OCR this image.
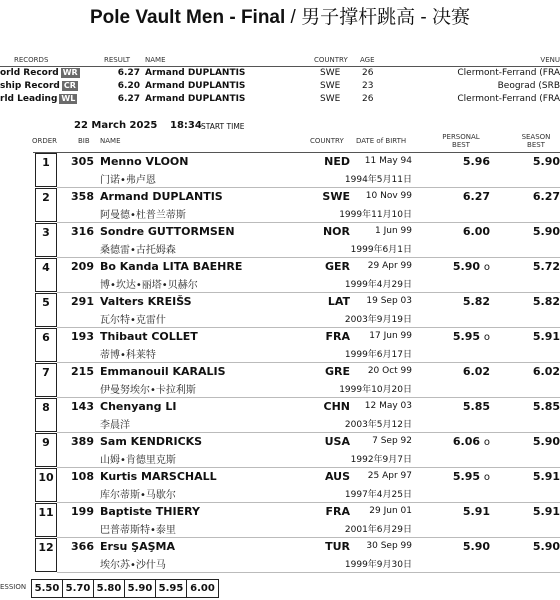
Pole Vault Men - Final / 男子撑杆跳高 - 决赛
RECORDS	RESULT NAME	COUNTRY AGE	VENU
orld Record WR	6.27 Armand DUPLANTIS	SWE 26	Clermont-Ferrand (FRA
ship Record CR	6.20 Armand DUPLANTIS	SWE 23	Beograd (SRB
rld Leading WL	6.27 Armand DUPLANTIS	SWE 26	Clermont-Ferrand (FRA
22 March 2025 18:34 START TIME
ORDER	BIB NAME	COUNTRY DATE of BIRTH	PERSONAL
BEST
SEASON
BEST
1	305 Menno VLOON
门诺•弗卢恩
NED	11 May 94
1994年5月11日
5.96	5.90
2	358 Armand DUPLANTIS
阿曼德•杜普兰蒂斯
SWE	10 Nov 99
1999年11月10日
6.27	6.27
3	316 Sondre GUTTORMSEN
桑德雷•古托姆森
NOR	1 Jun 99
1999年6月1日
6.00	5.90
4	209 Bo Kanda LITA BAEHRE
博•坎达•丽塔•贝赫尔
GER	29 Apr 99
1999年4月29日
5.90 o	5.72
5	291 Valters KREIŠS
瓦尔特•克雷什
LAT	19 Sep 03
2003年9月19日
5.82	5.82
6	193 Thibaut COLLET
蒂博•科莱特
FRA	17 Jun 99
1999年6月17日
5.95 o	5.91
7	215 Emmanouil KARALIS
伊曼努埃尔•卡拉利斯
GRE	20 Oct 99
1999年10月20日
6.02	6.02
8	143 Chenyang LI
李晨洋
CHN	12 May 03
2003年5月12日
5.85	5.85
9	389 Sam KENDRICKS
山姆•肯德里克斯
USA	7 Sep 92
1992年9月7日
6.06 o	5.90
10	108 Kurtis MARSCHALL
库尔蒂斯•马歇尔
AUS	25 Apr 97
1997年4月25日
5.95 o	5.91
11	199 Baptiste THIERY
巴普蒂斯特•泰里
FRA	29 Jun 01
2001年6月29日
5.91	5.91
12	366 Ersu ŞAŞMA
埃尔苏•沙什马
TUR	30 Sep 99
1999年9月30日
5.90	5.90
ESSION 5.50 5.70 5.80 5.90 5.95 6.00
